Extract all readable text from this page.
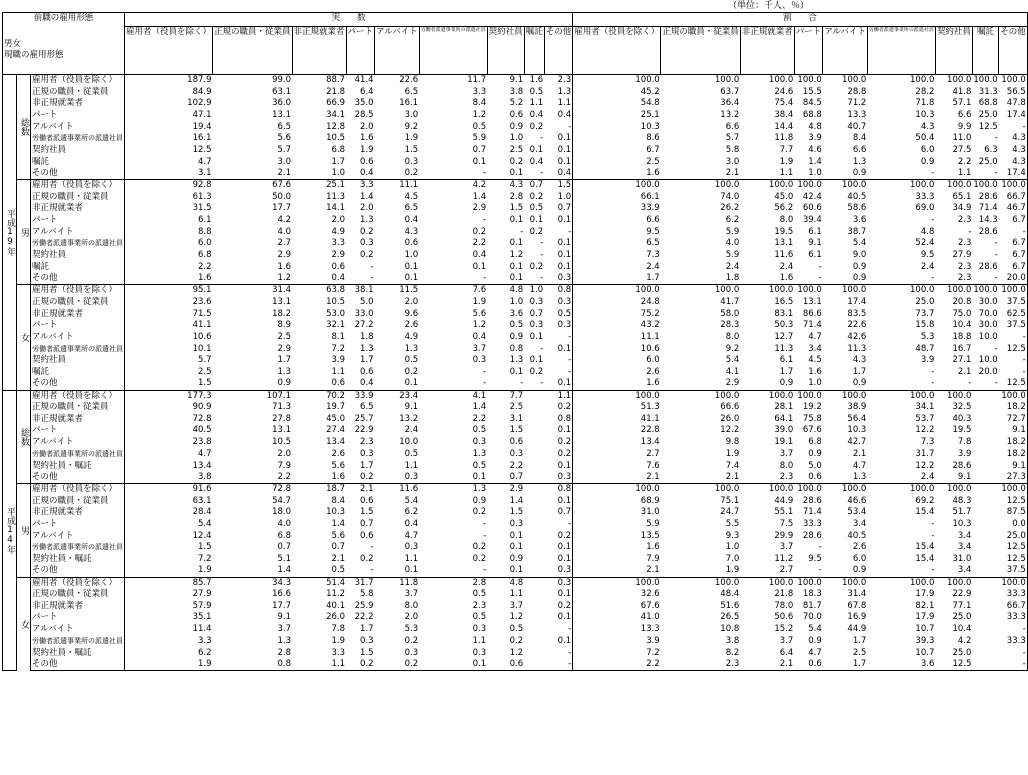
（単位：千人、％）
前職の雇用形態			実　　数									割　　合								

男女
現職の雇用形態			雇用者（役員を除く）	正規の職員・従業員	非正規就業者	パート	アルバイト	労働者派遣事業所の派遣社員	契約社員	嘱託	その他	雇用者（役員を除く）	正規の職員・従業員	非正規就業者	パート	アルバイト	労働者派遣事業所の派遣社員	契約社員	嘱託	その他
平成19年	総数	雇用者（役員を除く）	187.9	99.0	88.7	41.4	22.6	11.7	9.1	1.6	2.3	100.0	100.0	100.0	100.0	100.0	100.0	100.0	100.0	100.0
		正規の職員・従業員	84.9	63.1	21.8	6.4	6.5	3.3	3.8	0.5	1.3	45.2	63.7	24.6	15.5	28.8	28.2	41.8	31.3	56.5
		非正規就業者	102.9	36.0	66.9	35.0	16.1	8.4	5.2	1.1	1.1	54.8	36.4	75.4	84.5	71.2	71.8	57.1	68.8	47.8
		パート	47.1	13.1	34.1	28.5	3.0	1.2	0.6	0.4	0.4	25.1	13.2	38.4	68.8	13.3	10.3	6.6	25.0	17.4
		アルバイト	19.4	6.5	12.8	2.0	9.2	0.5	0.9	0.2	-	10.3	6.6	14.4	4.8	40.7	4.3	9.9	12.5	-
		労働者派遣事業所の派遣社員	16.1	5.6	10.5	1.6	1.9	5.9	1.0	-	0.1	8.6	5.7	11.8	3.9	8.4	50.4	11.0	-	4.3
		契約社員	12.5	5.7	6.8	1.9	1.5	0.7	2.5	0.1	0.1	6.7	5.8	7.7	4.6	6.6	6.0	27.5	6.3	4.3
		嘱託	4.7	3.0	1.7	0.6	0.3	0.1	0.2	0.4	0.1	2.5	3.0	1.9	1.4	1.3	0.9	2.2	25.0	4.3
		その他	3.1	2.1	1.0	0.4	0.2	-	0.1	-	0.4	1.6	2.1	1.1	1.0	0.9	-	1.1	-	17.4
	男	雇用者（役員を除く）	92.8	67.6	25.1	3.3	11.1	4.2	4.3	0.7	1.5	100.0	100.0	100.0	100.0	100.0	100.0	100.0	100.0	100.0
		正規の職員・従業員	61.3	50.0	11.3	1.4	4.5	1.4	2.8	0.2	1.0	66.1	74.0	45.0	42.4	40.5	33.3	65.1	28.6	66.7
		非正規就業者	31.5	17.7	14.1	2.0	6.5	2.9	1.5	0.5	0.7	33.9	26.2	56.2	60.6	58.6	69.0	34.9	71.4	46.7
		パート	6.1	4.2	2.0	1.3	0.4	-	0.1	0.1	0.1	6.6	6.2	8.0	39.4	3.6	-	2.3	14.3	6.7
		アルバイト	8.8	4.0	4.9	0.2	4.3	0.2	-	0.2	-	9.5	5.9	19.5	6.1	38.7	4.8	-	28.6	-
		労働者派遣事業所の派遣社員	6.0	2.7	3.3	0.3	0.6	2.2	0.1	-	0.1	6.5	4.0	13.1	9.1	5.4	52.4	2.3	-	6.7
		契約社員	6.8	2.9	2.9	0.2	1.0	0.4	1.2	-	0.1	7.3	5.9	11.6	6.1	9.0	9.5	27.9	-	6.7
		嘱託	2.2	1.6	0.6	-	0.1	0.1	0.1	0.2	0.1	2.4	2.4	2.4	-	0.9	2.4	2.3	28.6	6.7
		その他	1.6	1.2	0.4	-	0.1	-	0.1	-	0.3	1.7	1.8	1.6	-	0.9	-	2.3	-	20.0
	女	雇用者（役員を除く）	95.1	31.4	63.8	38.1	11.5	7.6	4.8	1.0	0.8	100.0	100.0	100.0	100.0	100.0	100.0	100.0	100.0	100.0
		正規の職員・従業員	23.6	13.1	10.5	5.0	2.0	1.9	1.0	0.3	0.3	24.8	41.7	16.5	13.1	17.4	25.0	20.8	30.0	37.5
		非正規就業者	71.5	18.2	53.0	33.0	9.6	5.6	3.6	0.7	0.5	75.2	58.0	83.1	86.6	83.5	73.7	75.0	70.0	62.5
		パート	41.1	8.9	32.1	27.2	2.6	1.2	0.5	0.3	0.3	43.2	28.3	50.3	71.4	22.6	15.8	10.4	30.0	37.5
		アルバイト	10.6	2.5	8.1	1.8	4.9	0.4	0.9	0.1	-	11.1	8.0	12.7	4.7	42.6	5.3	18.8	10.0	-
		労働者派遣事業所の派遣社員	10.1	2.9	7.2	1.3	1.3	3.7	0.8	-	0.1	10.6	9.2	11.3	3.4	11.3	48.7	16.7	-	12.5
		契約社員	5.7	1.7	3.9	1.7	0.5	0.3	1.3	0.1	-	6.0	5.4	6.1	4.5	4.3	3.9	27.1	10.0	-
		嘱託	2.5	1.3	1.1	0.6	0.2	-	0.1	0.2	-	2.6	4.1	1.7	1.6	1.7	-	2.1	20.0	-
		その他	1.5	0.9	0.6	0.4	0.1	-	-	-	0.1	1.6	2.9	0.9	1.0	0.9	-	-	-	12.5
平成14年	総数	雇用者（役員を除く）	177.3	107.1	70.2	33.9	23.4	4.1	7.7		1.1	100.0	100.0	100.0	100.0	100.0	100.0	100.0		100.0
		正規の職員・従業員	90.9	71.3	19.7	6.5	9.1	1.4	2.5		0.2	51.3	66.6	28.1	19.2	38.9	34.1	32.5		18.2
		非正規就業者	72.8	27.8	45.0	25.7	13.2	2.2	3.1		0.8	41.1	26.0	64.1	75.8	56.4	53.7	40.3		72.7
		パート	40.5	13.1	27.4	22.9	2.4	0.5	1.5		0.1	22.8	12.2	39.0	67.6	10.3	12.2	19.5		9.1
		アルバイト	23.8	10.5	13.4	2.3	10.0	0.3	0.6		0.2	13.4	9.8	19.1	6.8	42.7	7.3	7.8		18.2
		労働者派遣事業所の派遣社員	4.7	2.0	2.6	0.3	0.5	1.3	0.3		0.2	2.7	1.9	3.7	0.9	2.1	31.7	3.9		18.2
		契約社員・嘱託	13.4	7.9	5.6	1.7	1.1	0.5	2.2		0.1	7.6	7.4	8.0	5.0	4.7	12.2	28.6		9.1
		その他	3.8	2.2	1.6	0.2	0.3	0.1	0.7		0.3	2.1	2.1	2.3	0.6	1.3	2.4	9.1		27.3
	男	雇用者（役員を除く）	91.6	72.8	18.7	2.1	11.6	1.3	2.9		0.8	100.0	100.0	100.0	100.0	100.0	100.0	100.0		100.0
		正規の職員・従業員	63.1	54.7	8.4	0.6	5.4	0.9	1.4		0.1	68.9	75.1	44.9	28.6	46.6	69.2	48.3		12.5
		非正規就業者	28.4	18.0	10.3	1.5	6.2	0.2	1.5		0.7	31.0	24.7	55.1	71.4	53.4	15.4	51.7		87.5
		パート	5.4	4.0	1.4	0.7	0.4	-	0.3		-	5.9	5.5	7.5	33.3	3.4	-	10.3		0.0
		アルバイト	12.4	6.8	5.6	0.6	4.7	-	0.1		0.2	13.5	9.3	29.9	28.6	40.5	-	3.4		25.0
		労働者派遣事業所の派遣社員	1.5	0.7	0.7	-	0.3	0.2	0.1		0.1	1.6	1.0	3.7	-	2.6	15.4	3.4		12.5
		契約社員・嘱託	7.2	5.1	2.1	0.2	1.1	0.2	0.9		0.1	7.9	7.0	11.2	9.5	6.0	15.4	31.0		12.5
		その他	1.9	1.4	0.5	-	0.1	-	0.1		0.3	2.1	1.9	2.7	-	0.9	-	3.4		37.5
	女	雇用者（役員を除く）	85.7	34.3	51.4	31.7	11.8	2.8	4.8		0.3	100.0	100.0	100.0	100.0	100.0	100.0	100.0		100.0
		正規の職員・従業員	27.9	16.6	11.2	5.8	3.7	0.5	1.1		0.1	32.6	48.4	21.8	18.3	31.4	17.9	22.9		33.3
		非正規就業者	57.9	17.7	40.1	25.9	8.0	2.3	3.7		0.2	67.6	51.6	78.0	81.7	67.8	82.1	77.1		66.7
		パート	35.1	9.1	26.0	22.2	2.0	0.5	1.2		0.1	41.0	26.5	50.6	70.0	16.9	17.9	25.0		33.3
		アルバイト	11.4	3.7	7.8	1.7	5.3	0.3	0.5		-	13.3	10.8	15.2	5.4	44.9	10.7	10.4		-
		労働者派遣事業所の派遣社員	3.3	1.3	1.9	0.3	0.2	1.1	0.2		0.1	3.9	3.8	3.7	0.9	1.7	39.3	4.2		33.3
		契約社員・嘱託	6.2	2.8	3.3	1.5	0.3	0.3	1.2		-	7.2	8.2	6.4	4.7	2.5	10.7	25.0		-
		その他	1.9	0.8	1.1	0.2	0.2	0.1	0.6		-	2.2	2.3	2.1	0.6	1.7	3.6	12.5		-
